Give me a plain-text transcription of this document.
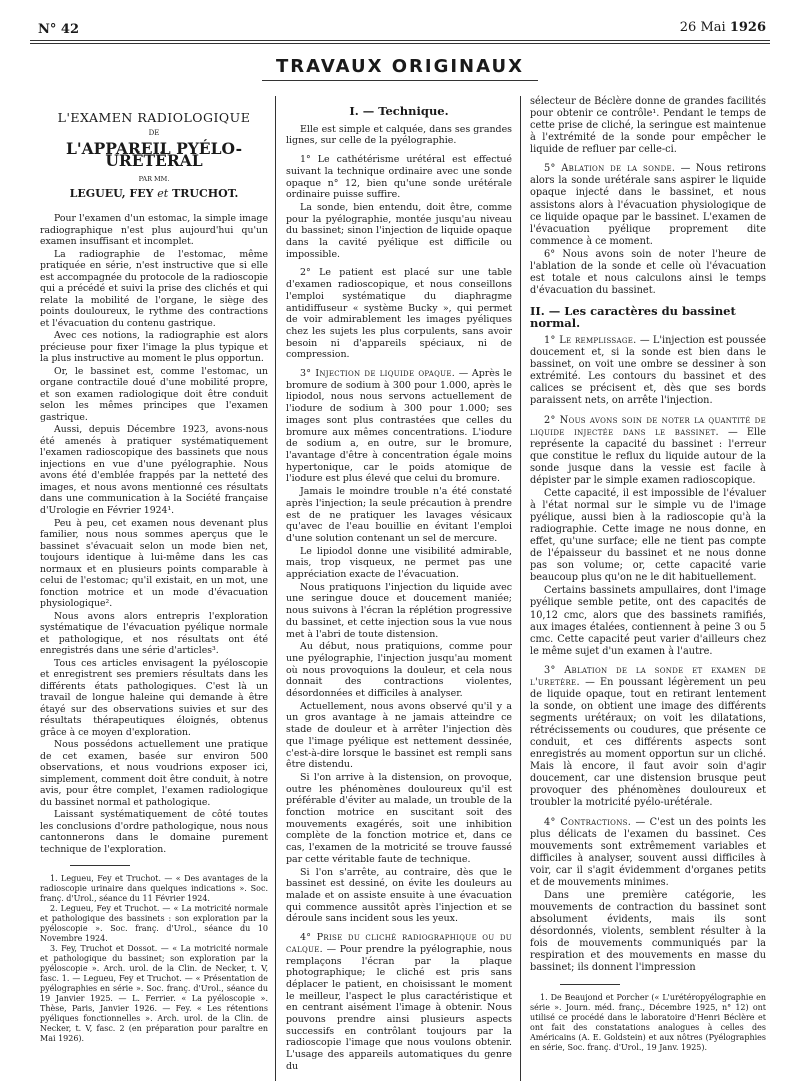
N° 42	26 Mai 1926
TRAVAUX ORIGINAUX
L'EXAMEN RADIOLOGIQUE
DE
L'APPAREIL PYÉLO-URÉTÉRAL
PAR MM.
LEGUEU, FEY et TRUCHOT.

Pour l'examen d'un estomac, la simple image radiographique n'est plus aujourd'hui qu'un examen insuffisant et incomplet.

La radiographie de l'estomac, même pratiquée en série, n'est instructive que si elle est accompagnée du protocole de la radioscopie qui a précédé et suivi la prise des clichés et qui relate la mobilité de l'organe, le siège des points douloureux, le rythme des contractions et l'évacuation du contenu gastrique.

Avec ces notions, la radiographie est alors précieuse pour fixer l'image la plus typique et la plus instructive au moment le plus opportun.

Or, le bassinet est, comme l'estomac, un organe contractile doué d'une mobilité propre, et son examen radiologique doit être conduit selon les mêmes principes que l'examen gastrique.

Aussi, depuis Décembre 1923, avons-nous été amenés à pratiquer systématiquement l'examen radioscopique des bassinets que nous injections en vue d'une pyélographie. Nous avons été d'emblée frappés par la netteté des images, et nous avons mentionné ces résultats dans une communication à la Société française d'Urologie en Février 1924¹.

Peu à peu, cet examen nous devenant plus familier, nous nous sommes aperçus que le bassinet s'évacuait selon un mode bien net, toujours identique à lui-même dans les cas normaux et en plusieurs points comparable à celui de l'estomac; qu'il existait, en un mot, une fonction motrice et un mode d'évacuation physiologique².

Nous avons alors entrepris l'exploration systématique de l'évacuation pyélique normale et pathologique, et nos résultats ont été enregistrés dans une série d'articles³.

Tous ces articles envisagent la pyéloscopie et enregistrent ses premiers résultats dans les différents états pathologiques. C'est là un travail de longue haleine qui demande à être étayé sur des observations suivies et sur des résultats thérapeutiques éloignés, obtenus grâce à ce moyen d'exploration.

Nous possédons actuellement une pratique de cet examen, basée sur environ 500 observations, et nous voudrions exposer ici, simplement, comment doit être conduit, à notre avis, pour être complet, l'examen radiologique du bassinet normal et pathologique.

Laissant systématiquement de côté toutes les conclusions d'ordre pathologique, nous nous cantonnerons dans le domaine purement technique de l'exploration.

1. Legueu, Fey et Truchot. — « Des avantages de la radioscopie urinaire dans quelques indications ». Soc. franç. d'Urol., séance du 11 Février 1924.

2. Legueu, Fey et Truchot. — « La motricité normale et pathologique des bassinets : son exploration par la pyéloscopie ». Soc. franç. d'Urol., séance du 10 Novembre 1924.

3. Fey, Truchot et Dossot. — « La motricité normale et pathologique du bassinet; son exploration par la pyéloscopie ». Arch. urol. de la Clin. de Necker, t. V, fasc. 1. — Legueu, Fey et Truchot. — « Présentation de pyélographies en série ». Soc. franç. d'Urol., séance du 19 Janvier 1925. — L. Ferrier. « La pyéloscopie ». Thèse, Paris, Janvier 1926. — Fey. « Les rétentions pyéliques fonctionnelles ». Arch. urol. de la Clin. de Necker, t. V, fasc. 2 (en préparation pour paraître en Mai 1926).

I. — Technique.

Elle est simple et calquée, dans ses grandes lignes, sur celle de la pyélographie.

1° Le cathétérisme urétéral est effectué suivant la technique ordinaire avec une sonde opaque n° 12, bien qu'une sonde urétérale ordinaire puisse suffire.

La sonde, bien entendu, doit être, comme pour la pyélographie, montée jusqu'au niveau du bassinet; sinon l'injection de liquide opaque dans la cavité pyélique est difficile ou impossible.

2° Le patient est placé sur une table d'examen radioscopique, et nous conseillons l'emploi systématique du diaphragme antidiffuseur « système Bucky », qui permet de voir admirablement les images pyéliques chez les sujets les plus corpulents, sans avoir besoin ni d'appareils spéciaux, ni de compression.

3° Injection de liquide opaque. — Après le bromure de sodium à 300 pour 1.000, après le lipiodol, nous nous servons actuellement de l'iodure de sodium à 300 pour 1.000; ses images sont plus contrastées que celles du bromure aux mêmes concentrations. L'iodure de sodium a, en outre, sur le bromure, l'avantage d'être à concentration égale moins hypertonique, car le poids atomique de l'iodure est plus élevé que celui du bromure.

Jamais le moindre trouble n'a été constaté après l'injection; la seule précaution à prendre est de ne pratiquer les lavages vésicaux qu'avec de l'eau bouillie en évitant l'emploi d'une solution contenant un sel de mercure.

Le lipiodol donne une visibilité admirable, mais, trop visqueux, ne permet pas une appréciation exacte de l'évacuation.

Nous pratiquons l'injection du liquide avec une seringue douce et doucement maniée; nous suivons à l'écran la réplétion progressive du bassinet, et cette injection sous la vue nous met à l'abri de toute distension.

Au début, nous pratiquions, comme pour une pyélographie, l'injection jusqu'au moment où nous provoquions la douleur, et cela nous donnait des contractions violentes, désordonnées et difficiles à analyser.

Actuellement, nous avons observé qu'il y a un gros avantage à ne jamais atteindre ce stade de douleur et à arrêter l'injection dès que l'image pyélique est nettement dessinée, c'est-à-dire lorsque le bassinet est rempli sans être distendu.

Si l'on arrive à la distension, on provoque, outre les phénomènes douloureux qu'il est préférable d'éviter au malade, un trouble de la fonction motrice en suscitant soit des mouvements exagérés, soit une inhibition complète de la fonction motrice et, dans ce cas, l'examen de la motricité se trouve faussé par cette véritable faute de technique.

Si l'on s'arrête, au contraire, dès que le bassinet est dessiné, on évite les douleurs au malade et on assiste ensuite à une évacuation qui commence aussitôt après l'injection et se déroule sans incident sous les yeux.

4° Prise du cliché radiographique ou du calque. — Pour prendre la pyélographie, nous remplaçons l'écran par la plaque photographique; le cliché est pris sans déplacer le patient, en choisissant le moment le meilleur, l'aspect le plus caractéristique et en centrant aisément l'image à obtenir. Nous pouvons prendre ainsi plusieurs aspects successifs en contrôlant toujours par la radioscopie l'image que nous voulons obtenir. L'usage des appareils automatiques du genre du

sélecteur de Béclère donne de grandes facilités pour obtenir ce contrôle¹. Pendant le temps de cette prise de cliché, la seringue est maintenue à l'extrémité de la sonde pour empêcher le liquide de refluer par celle-ci.

5° Ablation de la sonde. — Nous retirons alors la sonde urétérale sans aspirer le liquide opaque injecté dans le bassinet, et nous assistons alors à l'évacuation physiologique de ce liquide opaque par le bassinet. L'examen de l'évacuation pyélique proprement dite commence à ce moment.

6° Nous avons soin de noter l'heure de l'ablation de la sonde et celle où l'évacuation est totale et nous calculons ainsi le temps d'évacuation du bassinet.

II. — Les caractères du bassinet normal.

1° Le remplissage. — L'injection est poussée doucement et, si la sonde est bien dans le bassinet, on voit une ombre se dessiner à son extrémité. Les contours du bassinet et des calices se précisent et, dès que ses bords paraissent nets, on arrête l'injection.

2° Nous avons soin de noter la quantité de liquide injectée dans le bassinet. — Elle représente la capacité du bassinet : l'erreur que constitue le reflux du liquide autour de la sonde jusque dans la vessie est facile à dépister par le simple examen radioscopique.

Cette capacité, il est impossible de l'évaluer à l'état normal sur le simple vu de l'image pyélique, aussi bien à la radioscopie qu'à la radiographie. Cette image ne nous donne, en effet, qu'une surface; elle ne tient pas compte de l'épaisseur du bassinet et ne nous donne pas son volume; or, cette capacité varie beaucoup plus qu'on ne le dit habituellement.

Certains bassinets ampullaires, dont l'image pyélique semble petite, ont des capacités de 10,12 cmc, alors que des bassinets ramifiés, aux images étalées, contiennent à peine 3 ou 5 cmc. Cette capacité peut varier d'ailleurs chez le même sujet d'un examen à l'autre.

3° Ablation de la sonde et examen de l'uretère. — En poussant légèrement un peu de liquide opaque, tout en retirant lentement la sonde, on obtient une image des différents segments urétéraux; on voit les dilatations, rétrécissements ou coudures, que présente ce conduit, et ces différents aspects sont enregistrés au moment opportun sur un cliché. Mais là encore, il faut avoir soin d'agir doucement, car une distension brusque peut provoquer des phénomènes douloureux et troubler la motricité pyélo-urétérale.

4° Contractions. — C'est un des points les plus délicats de l'examen du bassinet. Ces mouvements sont extrêmement variables et difficiles à analyser, souvent aussi difficiles à voir, car il s'agit évidemment d'organes petits et de mouvements minimes.

Dans une première catégorie, les mouvements de contraction du bassinet sont absolument évidents, mais ils sont désordonnés, violents, semblent résulter à la fois de mouvements communiqués par la respiration et des mouvements en masse du bassinet; ils donnent l'impression

1. De Beaujond et Porcher (« L'urétéropyélographie en série ». Journ. méd. franç., Décembre 1925, n° 12) ont utilisé ce procédé dans le laboratoire d'Henri Béclère et ont fait des constatations analogues à celles des Américains (A. E. Goldstein) et aux nôtres (Pyélographies en série, Soc. franç. d'Urol., 19 Janv. 1925).
